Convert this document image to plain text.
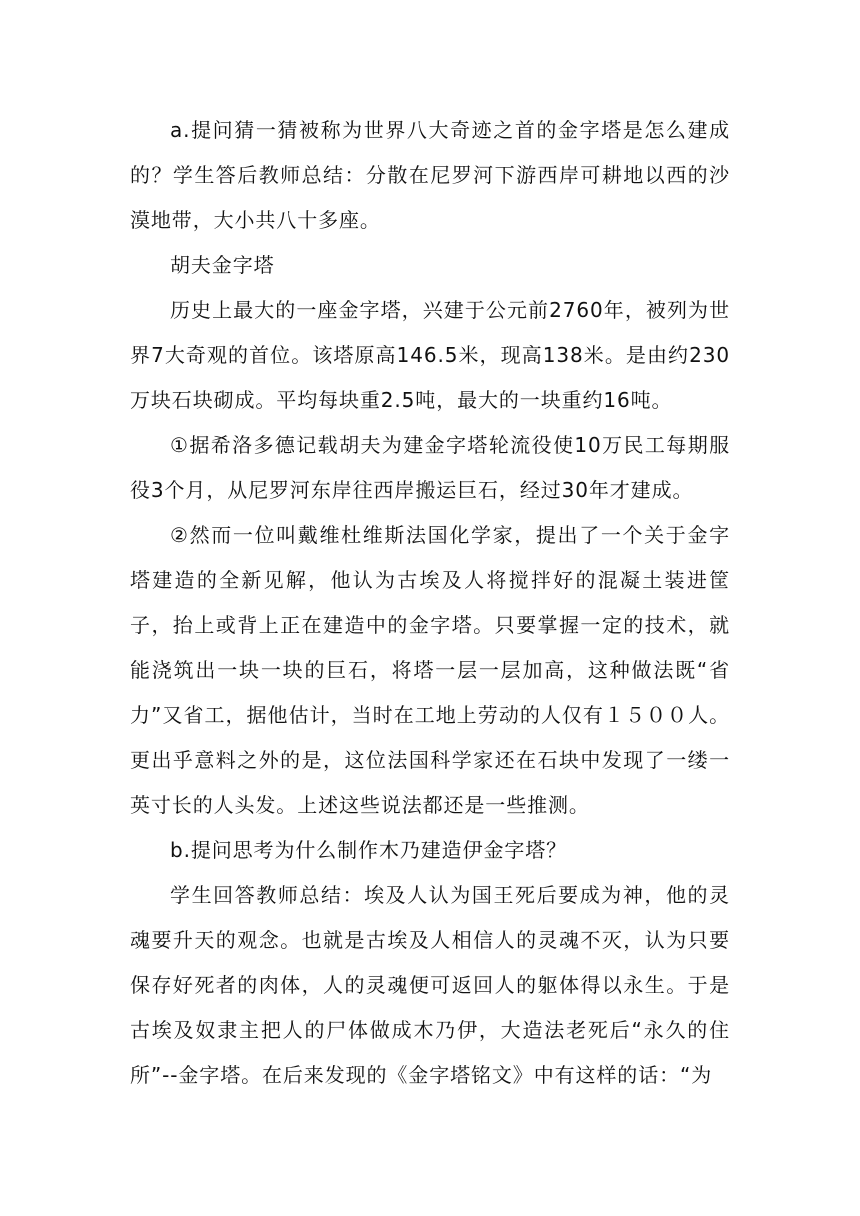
a.提问猜一猜被称为世界八大奇迹之首的金字塔是怎么建成的？学生答后教师总结：分散在尼罗河下游西岸可耕地以西的沙漠地带，大小共八十多座。

胡夫金字塔

历史上最大的一座金字塔，兴建于公元前2760年，被列为世界7大奇观的首位。该塔原高146.5米，现高138米。是由约230万块石块砌成。平均每块重2.5吨，最大的一块重约16吨。

①据希洛多德记载胡夫为建金字塔轮流役使10万民工每期服役3个月，从尼罗河东岸往西岸搬运巨石，经过30年才建成。

②然而一位叫戴维杜维斯法国化学家，提出了一个关于金字塔建造的全新见解，他认为古埃及人将搅拌好的混凝土装进筐子，抬上或背上正在建造中的金字塔。只要掌握一定的技术，就能浇筑出一块一块的巨石，将塔一层一层加高，这种做法既“省力”又省工，据他估计，当时在工地上劳动的人仅有１５００人。更出乎意料之外的是，这位法国科学家还在石块中发现了一缕一英寸长的人头发。上述这些说法都还是一些推测。

b.提问思考为什么制作木乃建造伊金字塔？

学生回答教师总结：埃及人认为国王死后要成为神，他的灵魂要升天的观念。也就是古埃及人相信人的灵魂不灭，认为只要保存好死者的肉体，人的灵魂便可返回人的躯体得以永生。于是古埃及奴隶主把人的尸体做成木乃伊，大造法老死后“永久的住所”--金字塔。在后来发现的《金字塔铭文》中有这样的话：“为
